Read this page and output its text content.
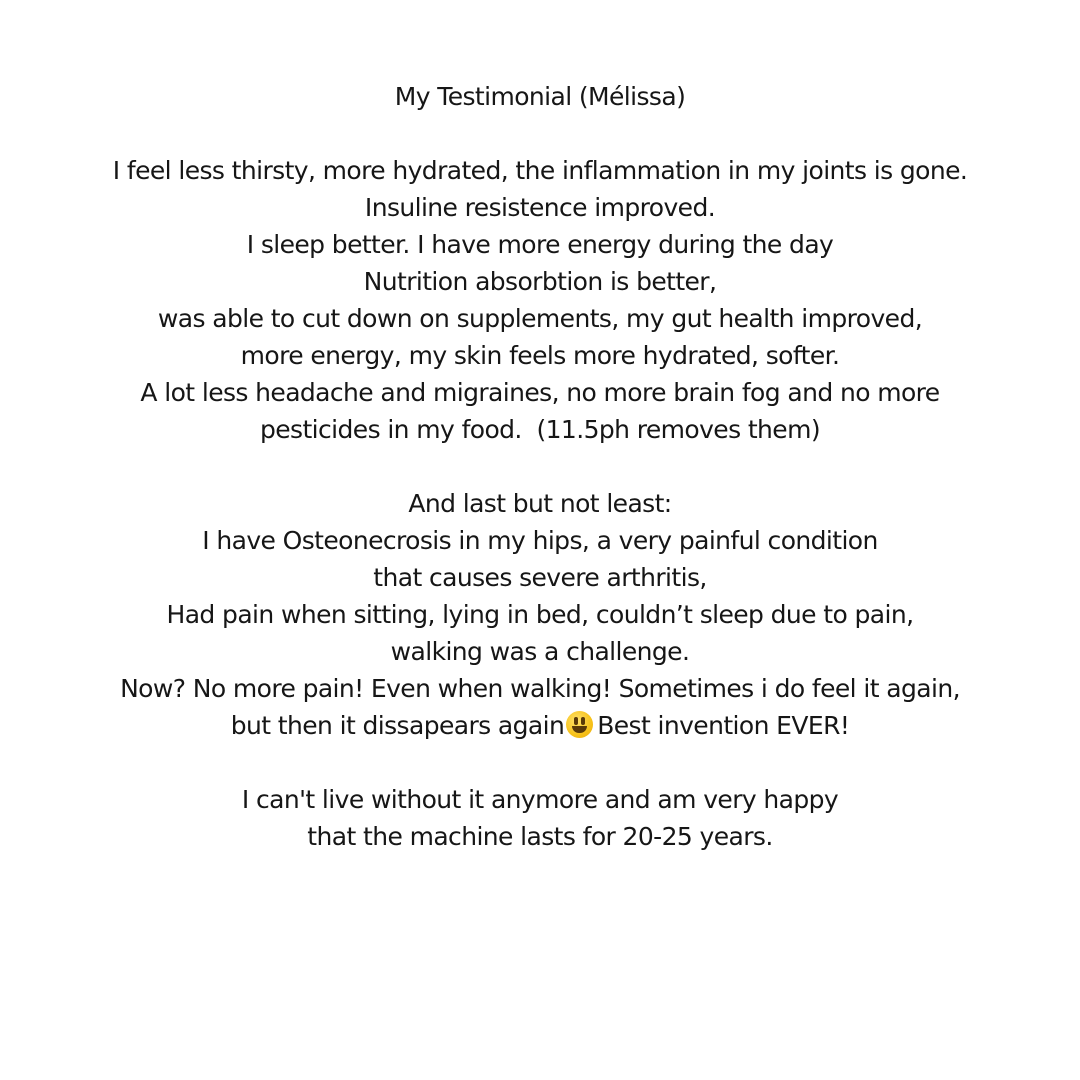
My Testimonial (Mélissa)
I feel less thirsty, more hydrated, the inflammation in my joints is gone.
Insuline resistence improved.
I sleep better. I have more energy during the day
Nutrition absorbtion is better,
was able to cut down on supplements, my gut health improved,
more energy, my skin feels more hydrated, softer.
A lot less headache and migraines, no more brain fog and no more
pesticides in my food.  (11.5ph removes them)
And last but not least:
I have Osteonecrosis in my hips, a very painful condition
that causes severe arthritis,
Had pain when sitting, lying in bed, couldn’t sleep due to pain,
walking was a challenge.
Now? No more pain! Even when walking! Sometimes i do feel it again,
but then it dissapears again Best invention EVER!
I can't live without it anymore and am very happy
that the machine lasts for 20-25 years.
